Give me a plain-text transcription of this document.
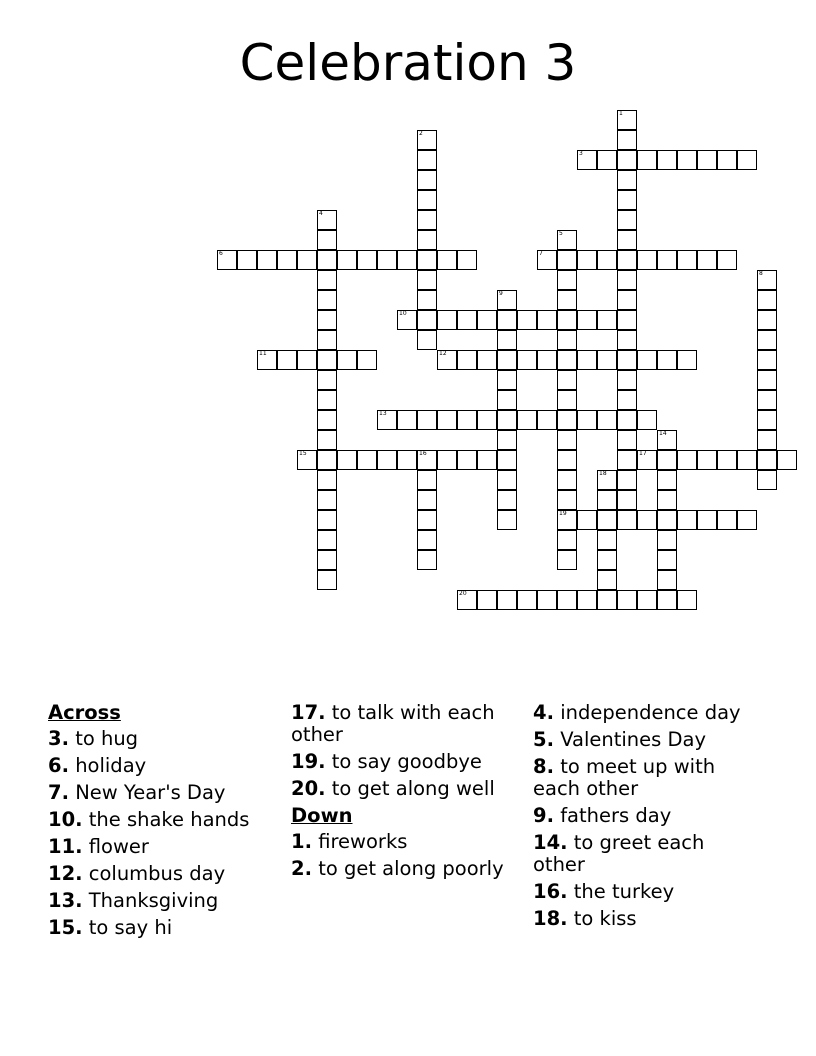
Celebration 3
1
2
3
4
5
19
6	7
8
9
10
11	12
13
14
15	16	17
18
20
Across
3. to hug
6. holiday
7. New Year's Day
10. the shake hands
11. flower
12. columbus day
13. Thanksgiving
15. to say hi
17. to talk with each other
19. to say goodbye
20. to get along well
Down
1. fireworks
2. to get along poorly
4. independence day
5. Valentines Day
8. to meet up with each other
9. fathers day
14. to greet each other
16. the turkey
18. to kiss
